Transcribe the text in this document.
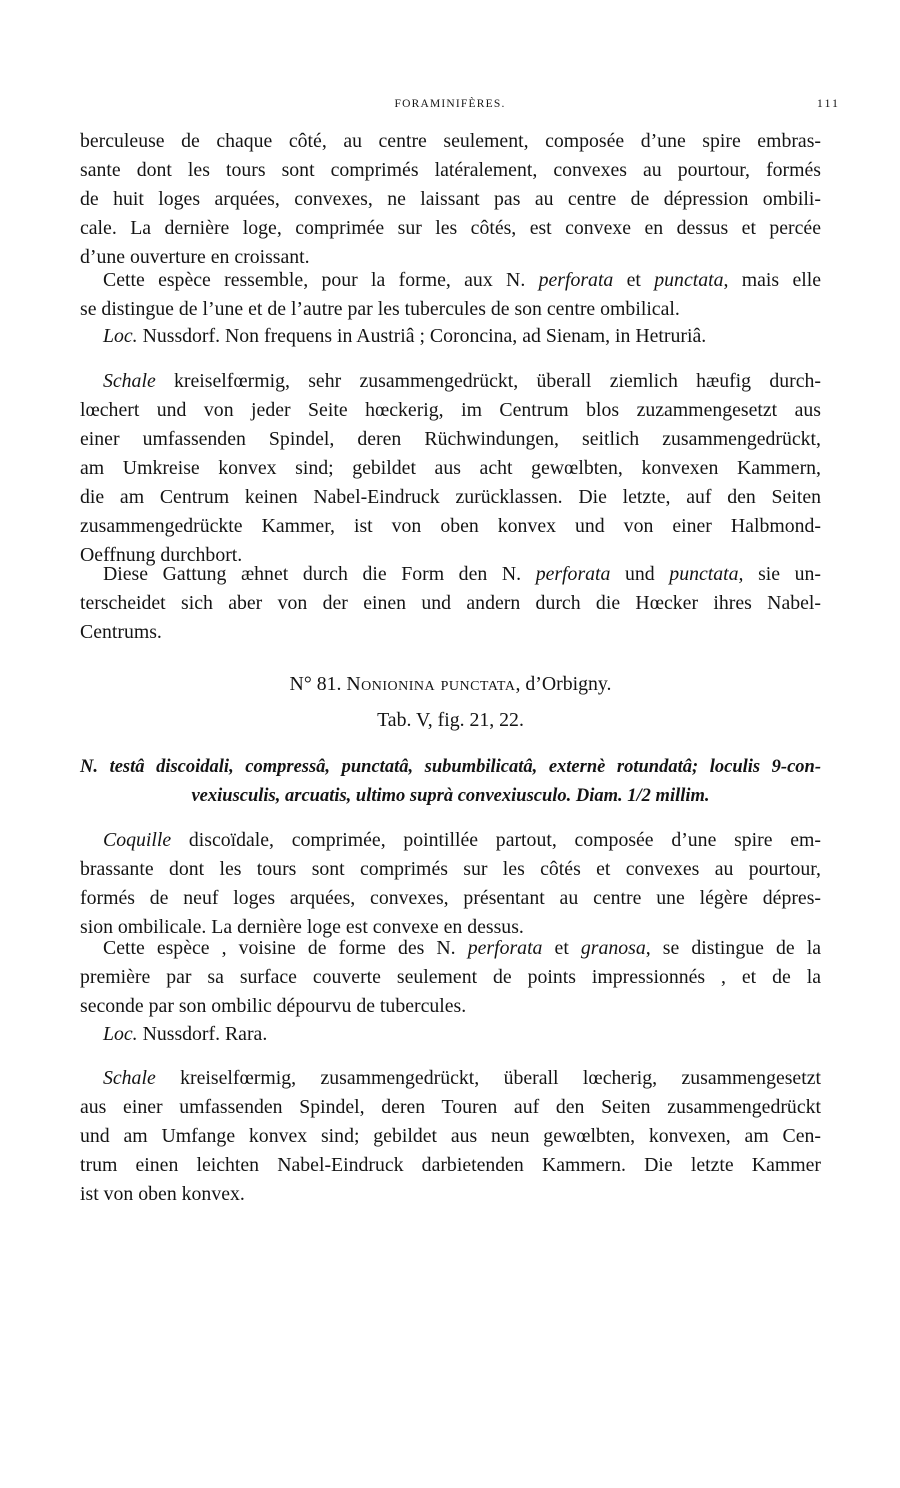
FORAMINIFÈRES.	111
berculeuse de chaque côté, au centre seulement, composée d’une spire embras-
sante dont les tours sont comprimés latéralement, convexes au pourtour, formés
de huit loges arquées, convexes, ne laissant pas au centre de dépression ombili-
cale. La dernière loge, comprimée sur les côtés, est convexe en dessus et percée
d’une ouverture en croissant.
Cette espèce ressemble, pour la forme, aux N. perforata et punctata, mais elle
se distingue de l’une et de l’autre par les tubercules de son centre ombilical.
Loc. Nussdorf. Non frequens in Austriâ ; Coroncina, ad Sienam, in Hetruriâ.
Schale kreiselfœrmig, sehr zusammengedrückt, überall ziemlich hæufig durch-
lœchert und von jeder Seite hœckerig, im Centrum blos zuzammengesetzt aus
einer umfassenden Spindel, deren Rüchwindungen, seitlich zusammengedrückt,
am Umkreise konvex sind; gebildet aus acht gewœlbten, konvexen Kammern,
die am Centrum keinen Nabel-Eindruck zurücklassen. Die letzte, auf den Seiten
zusammengedrückte Kammer, ist von oben konvex und von einer Halbmond-
Oeffnung durchbort.
Diese Gattung æhnet durch die Form den N. perforata und punctata, sie un-
terscheidet sich aber von der einen und andern durch die Hœcker ihres Nabel-
Centrums.
N° 81. Nonionina punctata, d’Orbigny.
Tab. V, fig. 21, 22.
N. testâ discoidali, compressâ, punctatâ, subumbilicatâ, externè rotundatâ; loculis 9-con-
vexiusculis, arcuatis, ultimo suprà convexiusculo. Diam. 1/2 millim.
Coquille discoïdale, comprimée, pointillée partout, composée d’une spire em-
brassante dont les tours sont comprimés sur les côtés et convexes au pourtour,
formés de neuf loges arquées, convexes, présentant au centre une légère dépres-
sion ombilicale. La dernière loge est convexe en dessus.
Cette espèce , voisine de forme des N. perforata et granosa, se distingue de la
première par sa surface couverte seulement de points impressionnés , et de la
seconde par son ombilic dépourvu de tubercules.
Loc. Nussdorf. Rara.
Schale kreiselfœrmig, zusammengedrückt, überall lœcherig, zusammengesetzt
aus einer umfassenden Spindel, deren Touren auf den Seiten zusammengedrückt
und am Umfange konvex sind; gebildet aus neun gewœlbten, konvexen, am Cen-
trum einen leichten Nabel-Eindruck darbietenden Kammern. Die letzte Kammer
ist von oben konvex.
